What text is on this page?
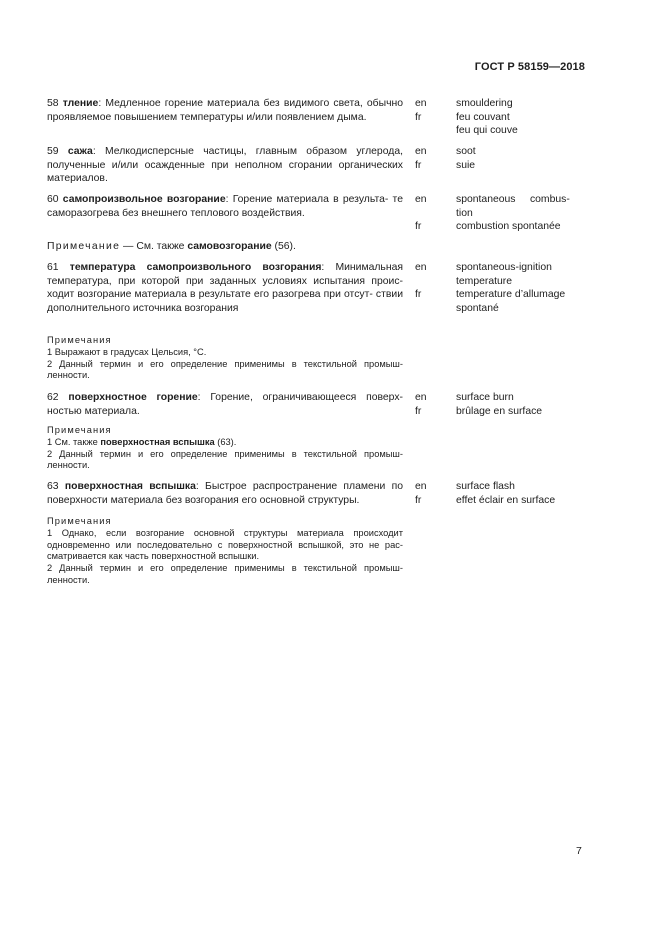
ГОСТ Р 58159—2018
58 тление: Медленное горение материала без видимого света, обычно проявляемое повышением температуры и/или появлением дыма.
en
fr
smouldering
feu couvant
feu qui couve
59 сажа: Мелкодисперсные частицы, главным образом углерода, полученные и/или осажденные при неполном сгорании органических материалов.
en
fr
soot
suie
60 самопроизвольное возгорание: Горение материала в результа- те саморазогрева без внешнего теплового воздействия.
en
fr
spontaneous     combus-
tion
combustion spontanée
Примечание — См. также самовозгорание (56).
61 температура самопроизвольного возгорания: Минимальная температура, при которой при заданных условиях испытания проис- ходит возгорание материала в результате его разогрева при отсут- ствии дополнительного источника возгорания
en
fr
spontaneous-ignition
temperature
temperature d’allumage
spontané
Примечания
1 Выражают в градусах Цельсия, °С.
2 Данный термин и его определение применимы в текстильной промыш- ленности.
62 поверхностное горение: Горение, ограничивающееся поверх- ностью материала.
en
fr
surface burn
brûlage en surface
Примечания
1 См. также поверхностная вспышка (63).
2 Данный термин и его определение применимы в текстильной промыш- ленности.
63 поверхностная вспышка: Быстрое распространение пламени по поверхности материала без возгорания его основной структуры.
en
fr
surface flash
effet éclair en surface
Примечания
1 Однако, если возгорание основной структуры материала происходит одновременно или последовательно с поверхностной вспышкой, это не рас- сматривается как часть поверхностной вспышки.
2 Данный термин и его определение применимы в текстильной промыш- ленности.
7
